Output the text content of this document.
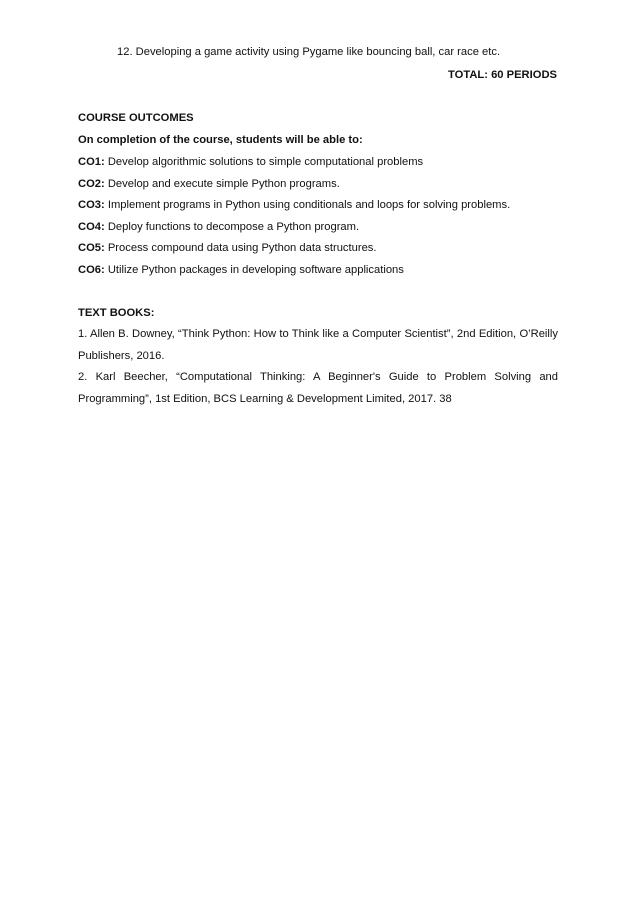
12. Developing a game activity using Pygame like bouncing ball, car race etc.
TOTAL: 60 PERIODS
COURSE OUTCOMES
On completion of the course, students will be able to:
CO1: Develop algorithmic solutions to simple computational problems
CO2: Develop and execute simple Python programs.
CO3: Implement programs in Python using conditionals and loops for solving problems.
CO4: Deploy functions to decompose a Python program.
CO5: Process compound data using Python data structures.
CO6: Utilize Python packages in developing software applications
TEXT BOOKS:
1. Allen B. Downey, “Think Python: How to Think like a Computer Scientist”, 2nd Edition, O’Reilly Publishers, 2016.
2. Karl Beecher, “Computational Thinking: A Beginner's Guide to Problem Solving and Programming”, 1st Edition, BCS Learning & Development Limited, 2017. 38
